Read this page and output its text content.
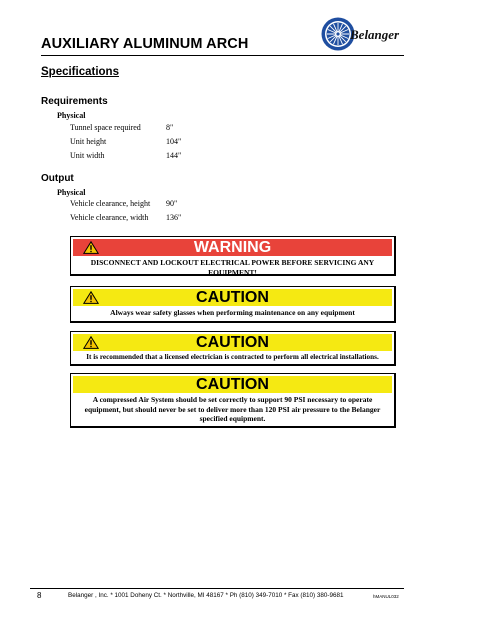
AUXILIARY ALUMINUM ARCH
Belanger
Specifications
Requirements
Physical
Tunnel space required	8"
Unit height	104"
Unit width	144"
Output
Physical
Vehicle clearance, height	90"
Vehicle clearance, width	136"
WARNING
DISCONNECT AND LOCKOUT ELECTRICAL POWER BEFORE SERVICING ANY EQUIPMENT!
CAUTION
Always wear safety glasses when performing maintenance on any equipment
CAUTION
It is recommended that a licensed electrician is contracted to perform all electrical installations.
CAUTION
A compressed Air System should be set correctly to support 90 PSI necessary to operate equipment, but should never be set to deliver more than 120 PSI air pressure to the Belanger specified equipment.
8	Belanger , Inc. * 1001 Doheny Ct. * Northville, MI 48167 * Ph (810) 349-7010 * Fax (810) 380-9681	hMANUL032
